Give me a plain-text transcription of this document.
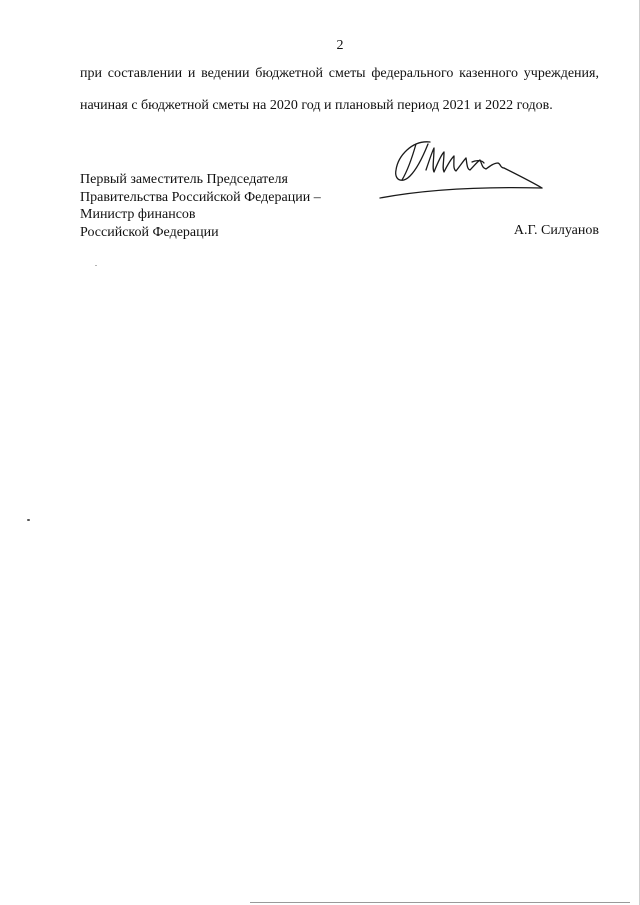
2
при составлении и ведении бюджетной сметы федерального казенного учреждения,
начиная с бюджетной сметы на 2020 год и плановый период 2021 и 2022 годов.
Первый заместитель Председателя
Правительства Российской Федерации –
Министр финансов
Российской Федерации	А.Г. Силуанов
